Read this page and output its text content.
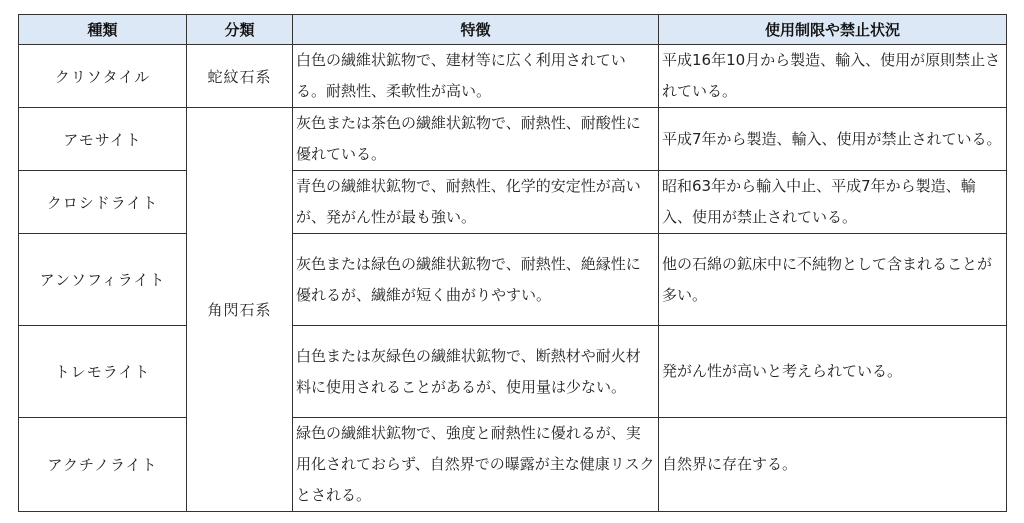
種類	分類	特徴	使用制限や禁止状況
クリソタイル	蛇紋石系	白色の繊維状鉱物で、建材等に広く利用されている。耐熱性、柔軟性が高い。	平成16年10月から製造、輸入、使用が原則禁止されている。
アモサイト	角閃石系	灰色または茶色の繊維状鉱物で、耐熱性、耐酸性に優れている。	平成7年から製造、輸入、使用が禁止されている。
クロシドライト		青色の繊維状鉱物で、耐熱性、化学的安定性が高いが、発がん性が最も強い。	昭和63年から輸入中止、平成7年から製造、輸入、使用が禁止されている。
アンソフィライト		灰色または緑色の繊維状鉱物で、耐熱性、絶縁性に優れるが、繊維が短く曲がりやすい。	他の石綿の鉱床中に不純物として含まれることが多い。
トレモライト		白色または灰緑色の繊維状鉱物で、断熱材や耐火材料に使用されることがあるが、使用量は少ない。	発がん性が高いと考えられている。
アクチノライト		緑色の繊維状鉱物で、強度と耐熱性に優れるが、実用化されておらず、自然界での曝露が主な健康リスクとされる。	自然界に存在する。
